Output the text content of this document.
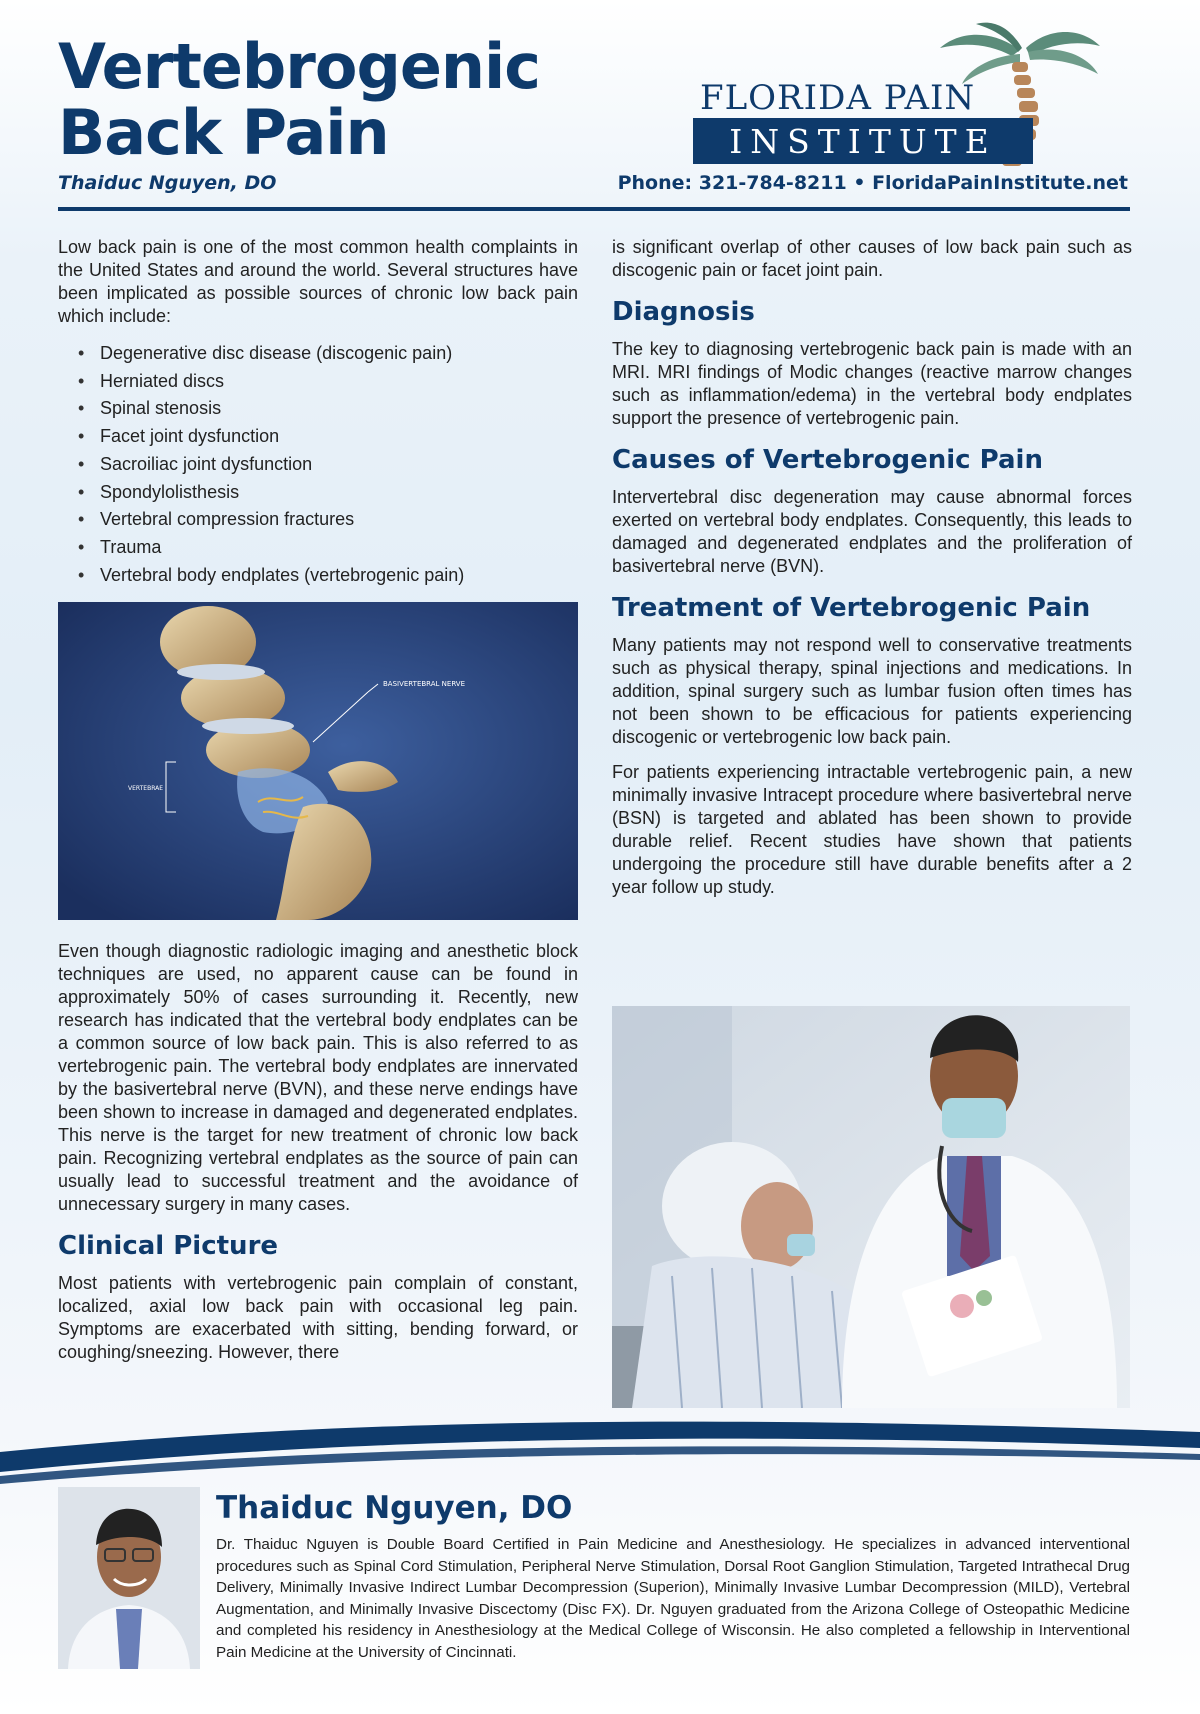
Vertebrogenic
Back Pain
Thaiduc Nguyen, DO
FLORIDA PAIN
INSTITUTE
Phone: 321-784-8211 • FloridaPainInstitute.net

Low back pain is one of the most common health complaints in the United States and around the world. Several structures have been implicated as possible sources of chronic low back pain which include:

• Degenerative disc disease (discogenic pain)
• Herniated discs
• Spinal stenosis
• Facet joint dysfunction
• Sacroiliac joint dysfunction
• Spondylolisthesis
• Vertebral compression fractures
• Trauma
• Vertebral body endplates (vertebrogenic pain)
BASIVERTEBRAL NERVE
VERTEBRAE

Even though diagnostic radiologic imaging and anesthetic block techniques are used, no apparent cause can be found in approximately 50% of cases surrounding it. Recently, new research has indicated that the vertebral body endplates can be a common source of low back pain. This is also referred to as vertebrogenic pain. The vertebral body endplates are innervated by the basivertebral nerve (BVN), and these nerve endings have been shown to increase in damaged and degenerated endplates. This nerve is the target for new treatment of chronic low back pain. Recognizing vertebral endplates as the source of pain can usually lead to successful treatment and the avoidance of unnecessary surgery in many cases.

Clinical Picture

Most patients with vertebrogenic pain complain of constant, localized, axial low back pain with occasional leg pain. Symptoms are exacerbated with sitting, bending forward, or coughing/sneezing. However, there

is significant overlap of other causes of low back pain such as discogenic pain or facet joint pain.

Diagnosis

The key to diagnosing vertebrogenic back pain is made with an MRI. MRI findings of Modic changes (reactive marrow changes such as inflammation/edema) in the vertebral body endplates support the presence of vertebrogenic pain.

Causes of Vertebrogenic Pain

Intervertebral disc degeneration may cause abnormal forces exerted on vertebral body endplates. Consequently, this leads to damaged and degenerated endplates and the proliferation of basivertebral nerve (BVN).

Treatment of Vertebrogenic Pain

Many patients may not respond well to conservative treatments such as physical therapy, spinal injections and medications. In addition, spinal surgery such as lumbar fusion often times has not been shown to be efficacious for patients experiencing discogenic or vertebrogenic low back pain.

For patients experiencing intractable vertebrogenic pain, a new minimally invasive Intracept procedure where basivertebral nerve (BSN) is targeted and ablated has been shown to provide durable relief. Recent studies have shown that patients undergoing the procedure still have durable benefits after a 2 year follow up study.

Thaiduc Nguyen, DO

Dr. Thaiduc Nguyen is Double Board Certified in Pain Medicine and Anesthesiology. He specializes in advanced interventional procedures such as Spinal Cord Stimulation, Peripheral Nerve Stimulation, Dorsal Root Ganglion Stimulation, Targeted Intrathecal Drug Delivery, Minimally Invasive Indirect Lumbar Decompression (Superion), Minimally Invasive Lumbar Decompression (MILD), Vertebral Augmentation, and Minimally Invasive Discectomy (Disc FX). Dr. Nguyen graduated from the Arizona College of Osteopathic Medicine and completed his residency in Anesthesiology at the Medical College of Wisconsin. He also completed a fellowship in Interventional Pain Medicine at the University of Cincinnati.
